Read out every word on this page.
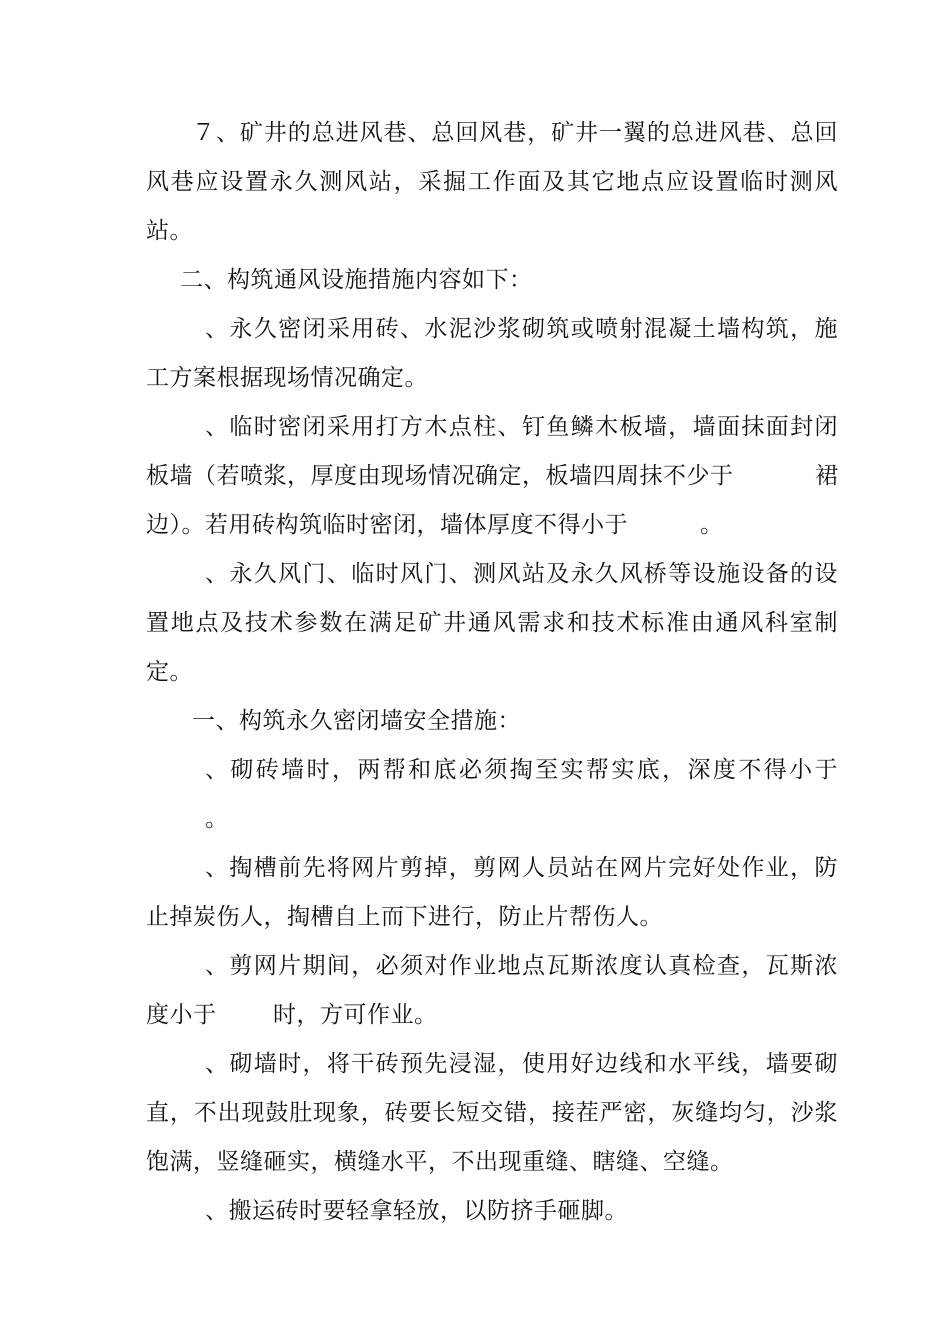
７、矿井的总进风巷、总回风巷，矿井一翼的总进风巷、总回
风巷应设置永久测风站，采掘工作面及其它地点应设置临时测风
站。
二、构筑通风设施措施内容如下：
、永久密闭采用砖、水泥沙浆砌筑或喷射混凝土墙构筑，施
工方案根据现场情况确定。
、临时密闭采用打方木点柱、钉鱼鳞木板墙，墙面抹面封闭
板墙（若喷浆，厚度由现场情况确定，板墙四周抹不少于	裙
边）。若用砖构筑临时密闭，墙体厚度不得小于	。
、永久风门、临时风门、测风站及永久风桥等设施设备的设
置地点及技术参数在满足矿井通风需求和技术标准由通风科室制
定。
一、构筑永久密闭墙安全措施：
、砌砖墙时，两帮和底必须掏至实帮实底，深度不得小于
。
、掏槽前先将网片剪掉，剪网人员站在网片完好处作业，防
止掉炭伤人，掏槽自上而下进行，防止片帮伤人。
、剪网片期间，必须对作业地点瓦斯浓度认真检查，瓦斯浓
度小于 时，方可作业。
、砌墙时，将干砖预先浸湿，使用好边线和水平线，墙要砌
直，不出现鼓肚现象，砖要长短交错，接茬严密，灰缝均匀，沙浆
饱满，竖缝砸实，横缝水平，不出现重缝、瞎缝、空缝。
、搬运砖时要轻拿轻放，以防挤手砸脚。
